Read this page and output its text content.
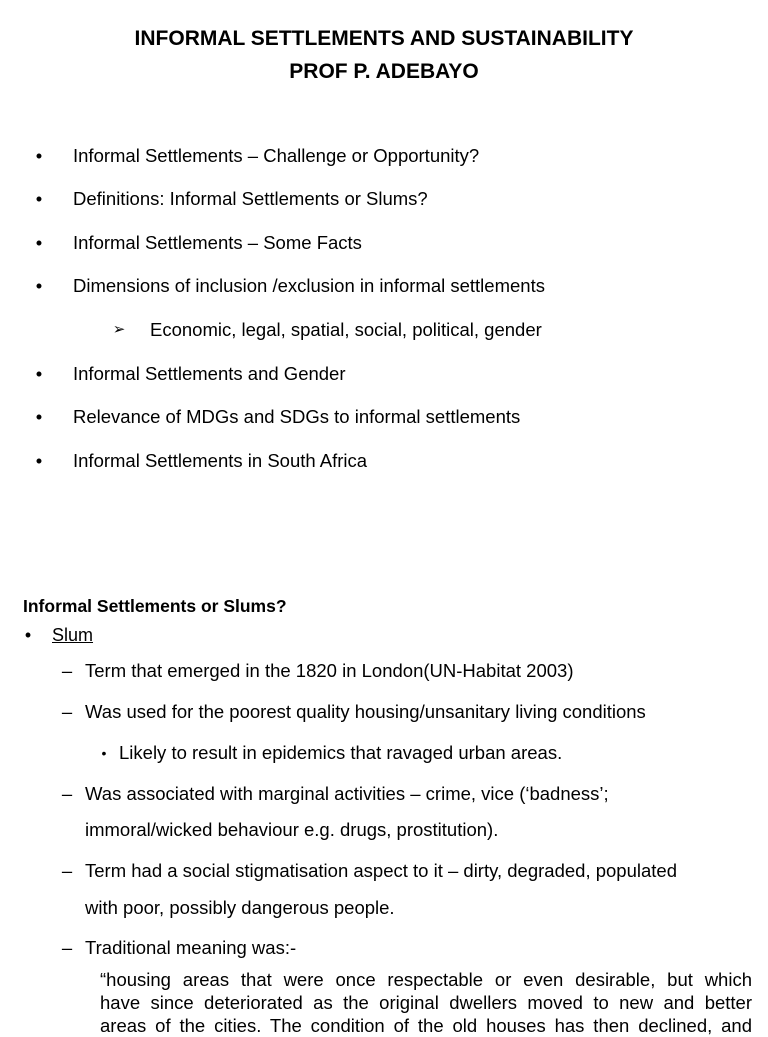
INFORMAL SETTLEMENTS AND SUSTAINABILITY
PROF P. ADEBAYO
• Informal Settlements – Challenge or Opportunity?
• Definitions: Informal Settlements or Slums?
• Informal Settlements – Some Facts
• Dimensions of inclusion /exclusion in informal settlements
➢ Economic, legal, spatial, social, political, gender
• Informal Settlements and Gender
• Relevance of MDGs and SDGs to informal settlements
• Informal Settlements in South Africa
Informal Settlements or Slums?
• Slum
– Term that emerged in the 1820 in London(UN-Habitat 2003)
– Was used for the poorest quality housing/unsanitary living conditions
• Likely to result in epidemics that ravaged urban areas.
– Was associated with marginal activities – crime, vice (‘badness’;
immoral/wicked behaviour e.g. drugs, prostitution).
– Term had a social stigmatisation aspect to it – dirty, degraded, populated
with poor, possibly dangerous people.
– Traditional meaning was:-
“housing areas that were once respectable or even desirable, but which
have since deteriorated as the original dwellers moved to new and better
areas of the cities. The condition of the old houses has then declined, and
